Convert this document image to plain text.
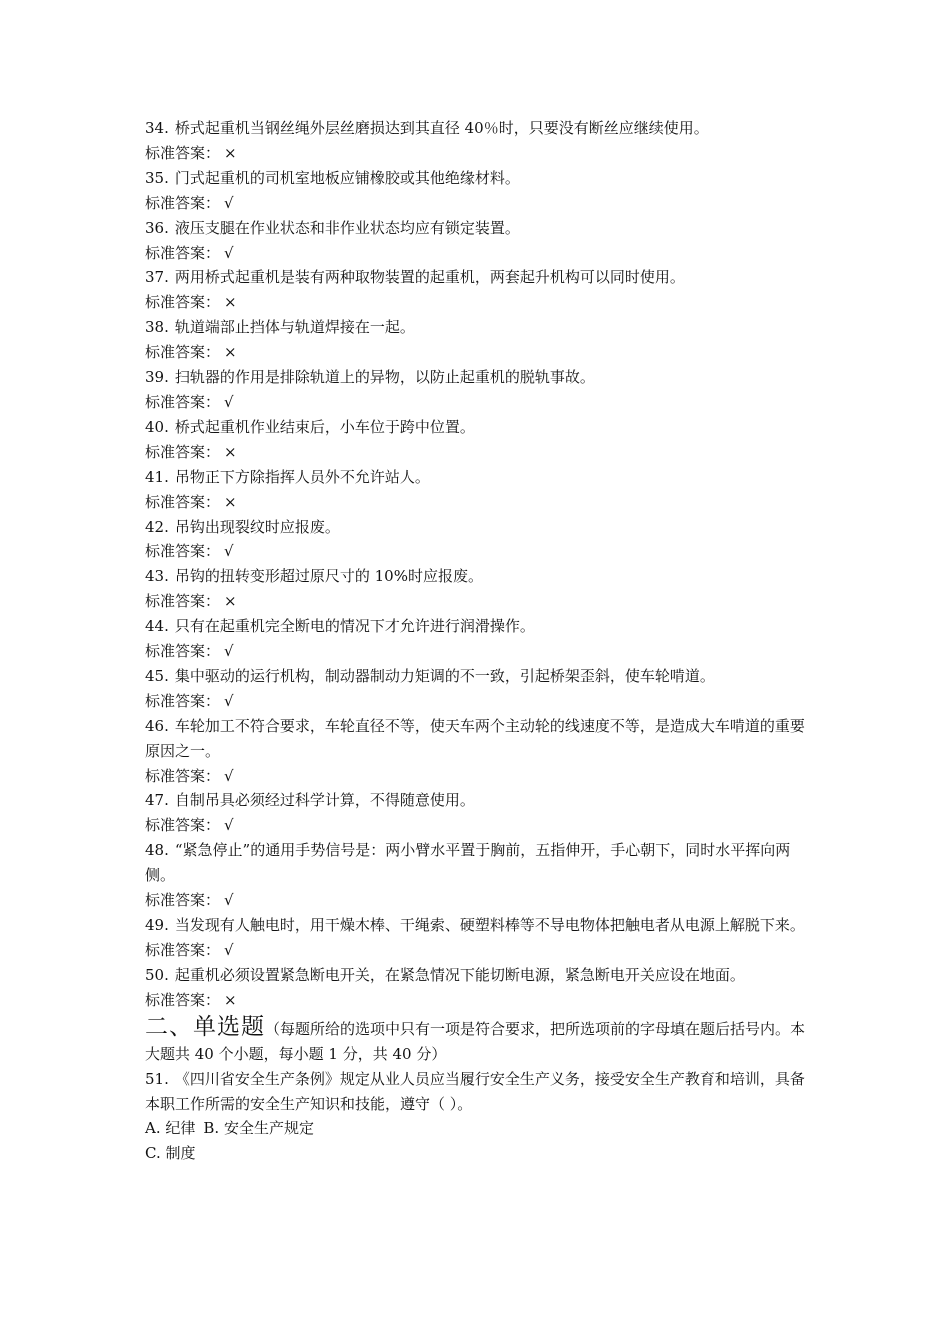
34. 桥式起重机当钢丝绳外层丝磨损达到其直径 40％时，只要没有断丝应继续使用。
标准答案： ×
35. 门式起重机的司机室地板应铺橡胶或其他绝缘材料。
标准答案： √
36. 液压支腿在作业状态和非作业状态均应有锁定装置。
标准答案： √
37. 两用桥式起重机是装有两种取物装置的起重机，两套起升机构可以同时使用。
标准答案： ×
38. 轨道端部止挡体与轨道焊接在一起。
标准答案： ×
39. 扫轨器的作用是排除轨道上的异物，以防止起重机的脱轨事故。
标准答案： √
40. 桥式起重机作业结束后，小车位于跨中位置。
标准答案： ×
41. 吊物正下方除指挥人员外不允许站人。
标准答案： ×
42. 吊钩出现裂纹时应报废。
标准答案： √
43. 吊钩的扭转变形超过原尺寸的 10%时应报废。
标准答案： ×
44. 只有在起重机完全断电的情况下才允许进行润滑操作。
标准答案： √
45. 集中驱动的运行机构，制动器制动力矩调的不一致，引起桥架歪斜，使车轮啃道。
标准答案： √
46. 车轮加工不符合要求，车轮直径不等，使天车两个主动轮的线速度不等，是造成大车啃道的重要原因之一。
标准答案： √
47. 自制吊具必须经过科学计算，不得随意使用。
标准答案： √
48. “紧急停止”的通用手势信号是：两小臂水平置于胸前，五指伸开，手心朝下，同时水平挥向两侧。
标准答案： √
49. 当发现有人触电时，用干燥木棒、干绳索、硬塑料棒等不导电物体把触电者从电源上解脱下来。
标准答案： √
50. 起重机必须设置紧急断电开关，在紧急情况下能切断电源，紧急断电开关应设在地面。
标准答案： ×
二、单选题（每题所给的选项中只有一项是符合要求，把所选项前的字母填在题后括号内。本大题共 40 个小题，每小题 1 分，共 40 分）
51. 《四川省安全生产条例》规定从业人员应当履行安全生产义务，接受安全生产教育和培训，具备本职工作所需的安全生产知识和技能，遵守（ ）。
A. 纪律 B. 安全生产规定
C. 制度
